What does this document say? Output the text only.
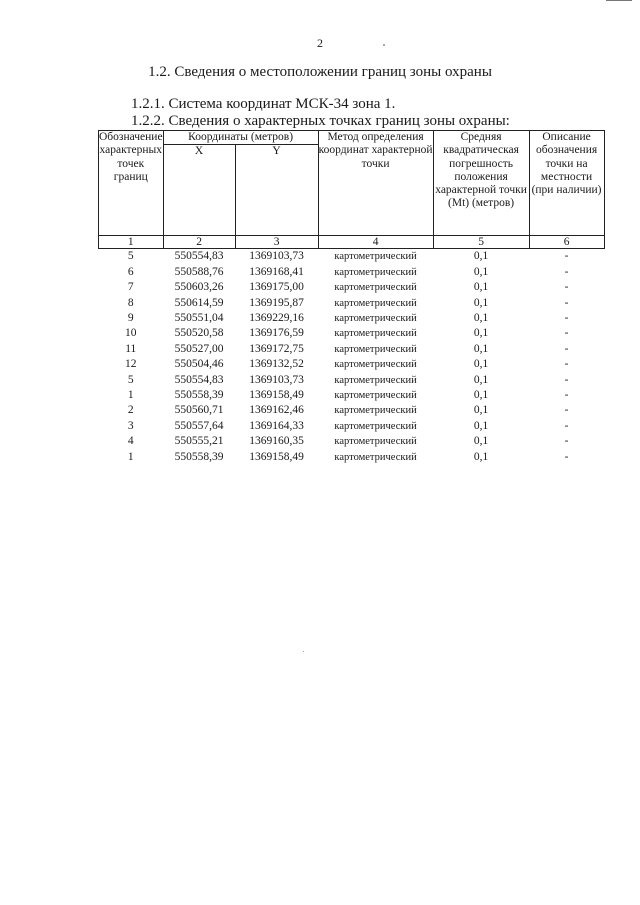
2
1.2. Сведения о местоположении границ зоны охраны
1.2.1. Система координат МСК-34 зона 1.
1.2.2. Сведения о характерных точках границ зоны охраны:
Обозначение характерных точек границ	Координаты (метров)		Метод определения координат характерной точки	Средняя квадратическая погрешность положения характерной точки (Mt) (метров)	Описание обозначения точки на местности (при наличии)
	X	Y			
1	2	3	4	5	6
5	550554,83	1369103,73	картометрический	0,1	-
6	550588,76	1369168,41	картометрический	0,1	-
7	550603,26	1369175,00	картометрический	0,1	-
8	550614,59	1369195,87	картометрический	0,1	-
9	550551,04	1369229,16	картометрический	0,1	-
10	550520,58	1369176,59	картометрический	0,1	-
11	550527,00	1369172,75	картометрический	0,1	-
12	550504,46	1369132,52	картометрический	0,1	-
5	550554,83	1369103,73	картометрический	0,1	-
1	550558,39	1369158,49	картометрический	0,1	-
2	550560,71	1369162,46	картометрический	0,1	-
3	550557,64	1369164,33	картометрический	0,1	-
4	550555,21	1369160,35	картометрический	0,1	-
1	550558,39	1369158,49	картометрический	0,1	-
